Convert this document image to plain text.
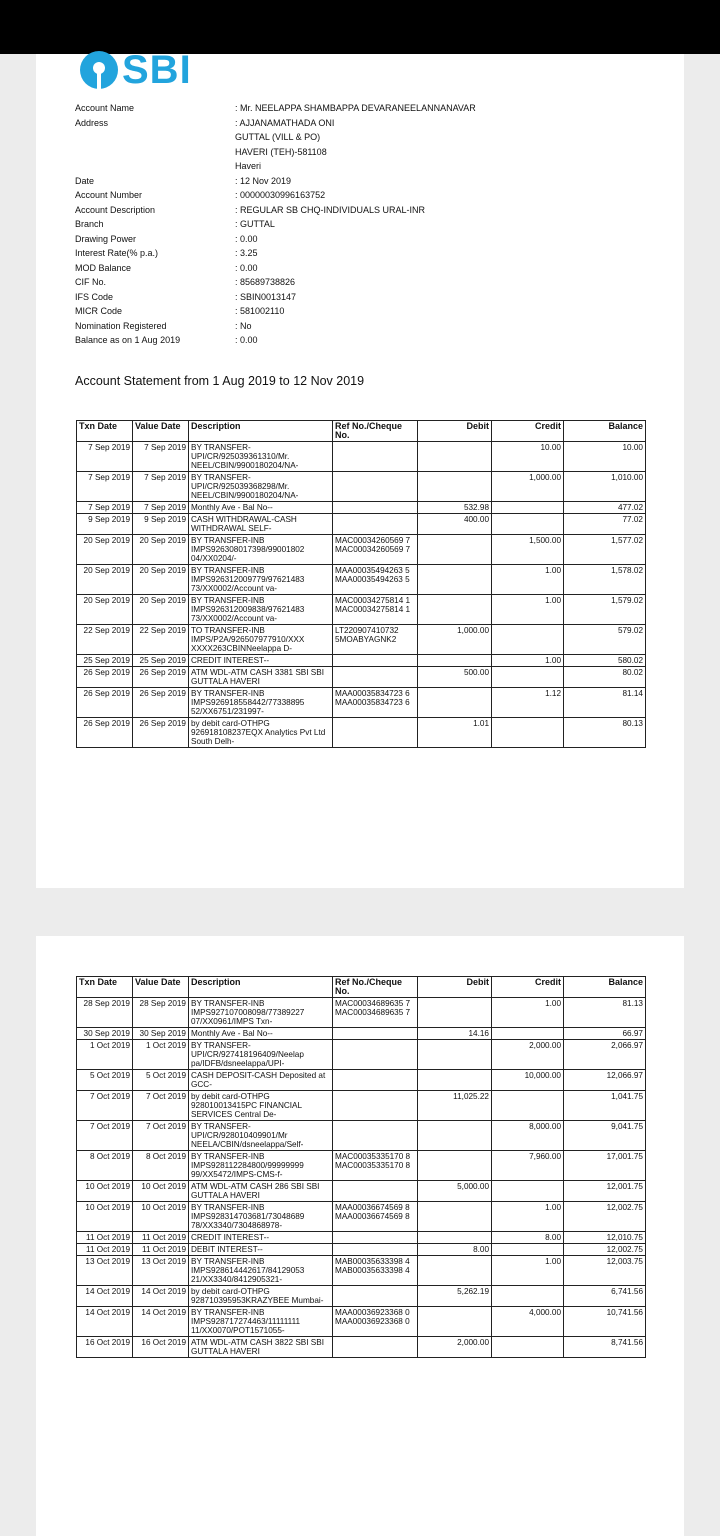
SBI
Account Name	: Mr. NEELAPPA SHAMBAPPA DEVARANEELANNANAVAR
Address	: AJJANAMATHADA ONI
GUTTAL (VILL & PO)
HAVERI (TEH)-581108
Haveri
Date	: 12 Nov 2019
Account Number	: 00000030996163752
Account Description	: REGULAR SB CHQ-INDIVIDUALS URAL-INR
Branch	: GUTTAL
Drawing Power	: 0.00
Interest Rate(% p.a.)	: 3.25
MOD Balance	: 0.00
CIF No.	: 85689738826
IFS Code	: SBIN0013147
MICR Code	: 581002110
Nomination Registered	: No
Balance as on 1 Aug 2019	: 0.00
Account Statement from 1 Aug 2019 to 12 Nov 2019
Txn Date	Value Date	Description	Ref No./Cheque No.	Debit	Credit	Balance
7 Sep 2019	7 Sep 2019	BY TRANSFER-UPI/CR/925039361310/Mr. NEEL/CBIN/9900180204/NA-			10.00	10.00
7 Sep 2019	7 Sep 2019	BY TRANSFER-UPI/CR/925039368298/Mr. NEEL/CBIN/9900180204/NA-			1,000.00	1,010.00
7 Sep 2019	7 Sep 2019	Monthly Ave - Bal No--		532.98		477.02
9 Sep 2019	9 Sep 2019	CASH WITHDRAWAL-CASH WITHDRAWAL SELF-		400.00		77.02
20 Sep 2019	20 Sep 2019	BY TRANSFER-INB IMPS926308017398/99001802 04/XX0204/-	MAC00034260569 7 MAC00034260569 7		1,500.00	1,577.02
20 Sep 2019	20 Sep 2019	BY TRANSFER-INB IMPS926312009779/97621483 73/XX0002/Account va-	MAA00035494263 5 MAA00035494263 5		1.00	1,578.02
20 Sep 2019	20 Sep 2019	BY TRANSFER-INB IMPS926312009838/97621483 73/XX0002/Account va-	MAC00034275814 1 MAC00034275814 1		1.00	1,579.02
22 Sep 2019	22 Sep 2019	TO TRANSFER-INB IMPS/P2A/926507977910/XXX XXXX263CBINNeelappa D-	LT220907410732 5MOABYAGNK2	1,000.00		579.02
25 Sep 2019	25 Sep 2019	CREDIT INTEREST--			1.00	580.02
26 Sep 2019	26 Sep 2019	ATM WDL-ATM CASH 3381 SBI SBI GUTTALA HAVERI		500.00		80.02
26 Sep 2019	26 Sep 2019	BY TRANSFER-INB IMPS926918558442/77338895 52/XX6751/231997-	MAA00035834723 6 MAA00035834723 6		1.12	81.14
26 Sep 2019	26 Sep 2019	by debit card-OTHPG 926918108237EQX Analytics Pvt Ltd South Delh-		1.01		80.13
Txn Date	Value Date	Description	Ref No./Cheque No.	Debit	Credit	Balance
28 Sep 2019	28 Sep 2019	BY TRANSFER-INB IMPS927107008098/77389227 07/XX0961/IMPS Txn-	MAC00034689635 7 MAC00034689635 7		1.00	81.13
30 Sep 2019	30 Sep 2019	Monthly Ave - Bal No--		14.16		66.97
1 Oct 2019	1 Oct 2019	BY TRANSFER-UPI/CR/927418196409/Neelap pa/IDFB/dsneelappa/UPI-			2,000.00	2,066.97
5 Oct 2019	5 Oct 2019	CASH DEPOSIT-CASH Deposited at GCC-			10,000.00	12,066.97
7 Oct 2019	7 Oct 2019	by debit card-OTHPG 928010013415PC FINANCIAL SERVICES Central De-		11,025.22		1,041.75
7 Oct 2019	7 Oct 2019	BY TRANSFER-UPI/CR/928010409901/Mr NEELA/CBIN/dsneelappa/Self-			8,000.00	9,041.75
8 Oct 2019	8 Oct 2019	BY TRANSFER-INB IMPS928112284800/99999999 99/XX5472/IMPS-CMS-f-	MAC00035335170 8 MAC00035335170 8		7,960.00	17,001.75
10 Oct 2019	10 Oct 2019	ATM WDL-ATM CASH 286 SBI SBI GUTTALA HAVERI		5,000.00		12,001.75
10 Oct 2019	10 Oct 2019	BY TRANSFER-INB IMPS928314703681/73048689 78/XX3340/7304868978-	MAA00036674569 8 MAA00036674569 8		1.00	12,002.75
11 Oct 2019	11 Oct 2019	CREDIT INTEREST--			8.00	12,010.75
11 Oct 2019	11 Oct 2019	DEBIT INTEREST--		8.00		12,002.75
13 Oct 2019	13 Oct 2019	BY TRANSFER-INB IMPS928614442617/84129053 21/XX3340/8412905321-	MAB00035633398 4 MAB00035633398 4		1.00	12,003.75
14 Oct 2019	14 Oct 2019	by debit card-OTHPG 928710395953KRAZYBEE Mumbai-		5,262.19		6,741.56
14 Oct 2019	14 Oct 2019	BY TRANSFER-INB IMPS928717274463/11111111 11/XX0070/POT1571055-	MAA00036923368 0 MAA00036923368 0		4,000.00	10,741.56
16 Oct 2019	16 Oct 2019	ATM WDL-ATM CASH 3822 SBI SBI GUTTALA HAVERI		2,000.00		8,741.56
